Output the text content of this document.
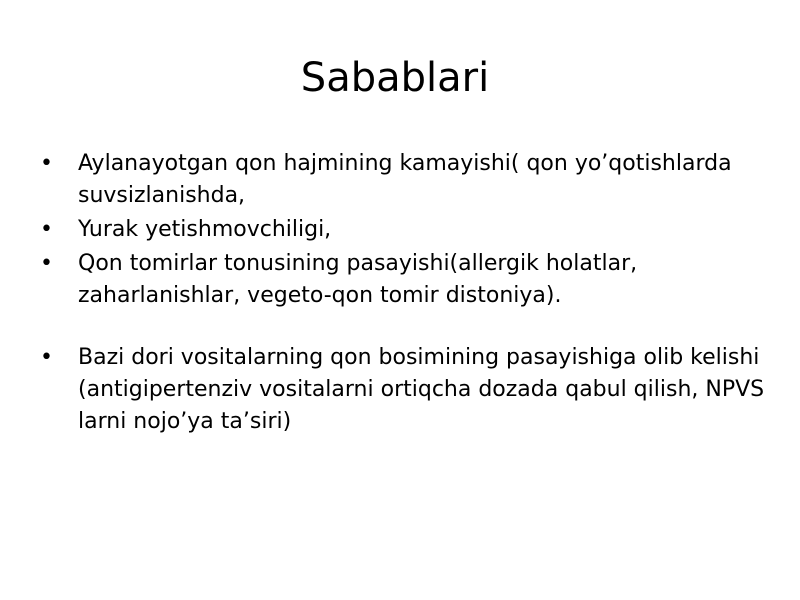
Sabablari
•	Aylanayotgan qon hajmining kamayishi( qon yo’qotishlarda suvsizlanishda,
•	Yurak yetishmovchiligi,
•	Qon tomirlar tonusining pasayishi(allergik holatlar, zaharlanishlar, vegeto-qon tomir distoniya).
•	Bazi dori vositalarning qon bosimining pasayishiga olib kelishi (antigipertenziv vositalarni ortiqcha dozada qabul qilish, NPVS larni nojo’ya ta’siri)
